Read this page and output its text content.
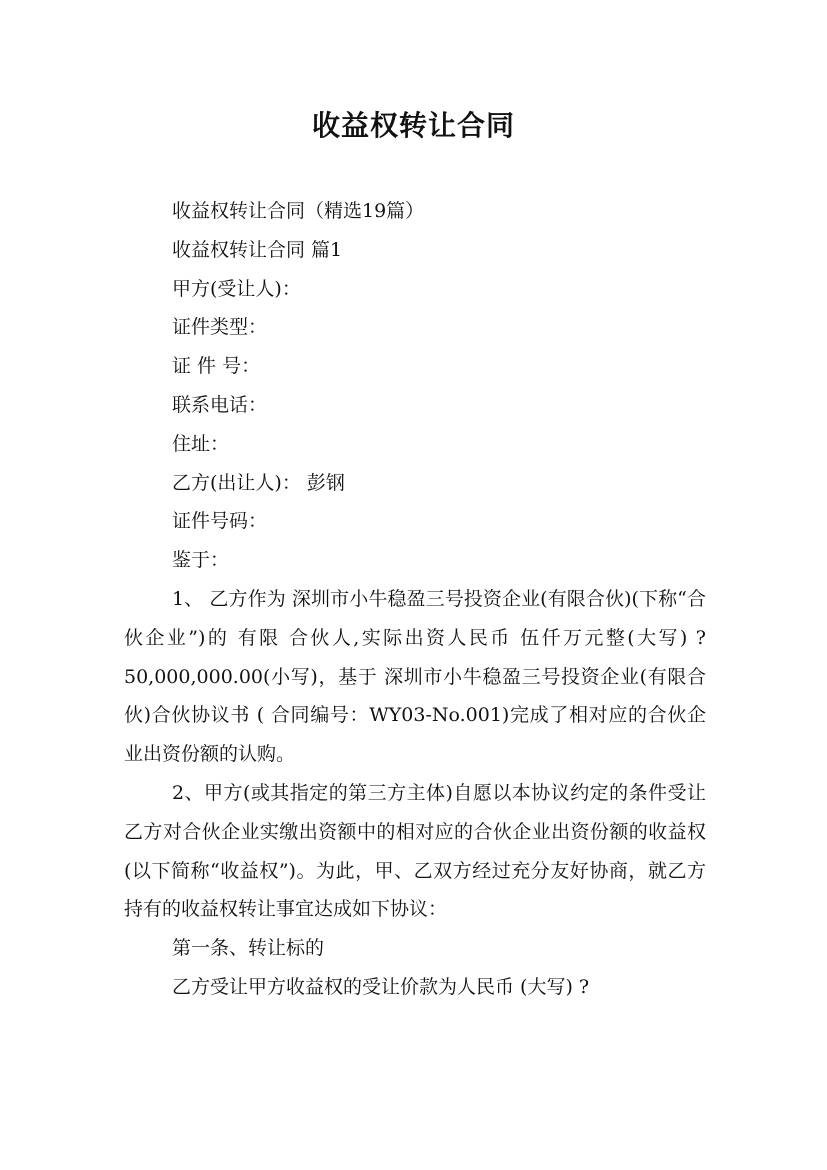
收益权转让合同

收益权转让合同（精选19篇）

收益权转让合同 篇1

甲方(受让人)：

证件类型：

证 件 号：

联系电话：

住址：

乙方(出让人)： 彭钢

证件号码：

鉴于：

1、 乙方作为 深圳市小牛稳盈三号投资企业(有限合伙)(下称“合伙企业”)的 有限 合伙人,实际出资人民币 伍仟万元整(大写) ?50,000,000.00(小写)，基于 深圳市小牛稳盈三号投资企业(有限合伙)合伙协议书 ( 合同编号：WY03-No.001)完成了相对应的合伙企业出资份额的认购。

2、甲方(或其指定的第三方主体)自愿以本协议约定的条件受让乙方对合伙企业实缴出资额中的相对应的合伙企业出资份额的收益权(以下简称“收益权”)。为此，甲、乙双方经过充分友好协商，就乙方持有的收益权转让事宜达成如下协议：

第一条、转让标的

乙方受让甲方收益权的受让价款为人民币 (大写) ?
